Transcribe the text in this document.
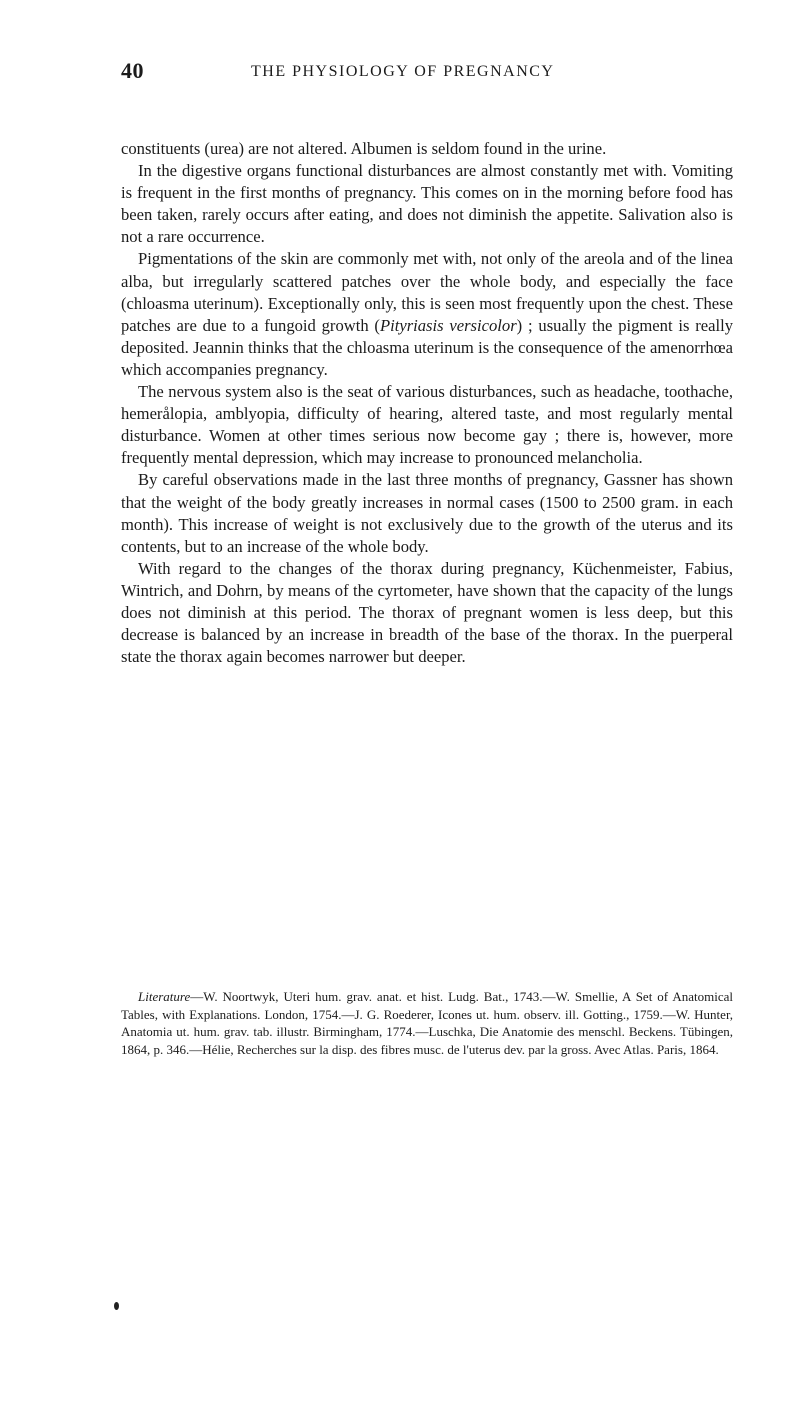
40	THE PHYSIOLOGY OF PREGNANCY

constituents (urea) are not altered. Albumen is seldom found in the urine.

In the digestive organs functional disturbances are almost constantly met with. Vomiting is frequent in the first months of pregnancy. This comes on in the morning before food has been taken, rarely occurs after eating, and does not diminish the appetite. Salivation also is not a rare occurrence.

Pigmentations of the skin are commonly met with, not only of the areola and of the linea alba, but irregularly scattered patches over the whole body, and especially the face (chloasma uterinum). Exceptionally only, this is seen most frequently upon the chest. These patches are due to a fungoid growth (Pityriasis versicolor) ; usually the pigment is really deposited. Jeannin thinks that the chloasma uterinum is the consequence of the amenorrhœa which accompanies pregnancy.

The nervous system also is the seat of various disturbances, such as headache, toothache, hemerålopia, amblyopia, difficulty of hearing, altered taste, and most regularly mental disturbance. Women at other times serious now become gay ; there is, however, more frequently mental depression, which may increase to pronounced melancholia.

By careful observations made in the last three months of pregnancy, Gassner has shown that the weight of the body greatly increases in normal cases (1500 to 2500 gram. in each month). This increase of weight is not exclusively due to the growth of the uterus and its contents, but to an increase of the whole body.

With regard to the changes of the thorax during pregnancy, Küchenmeister, Fabius, Wintrich, and Dohrn, by means of the cyrtometer, have shown that the capacity of the lungs does not diminish at this period. The thorax of pregnant women is less deep, but this decrease is balanced by an increase in breadth of the base of the thorax. In the puerperal state the thorax again becomes narrower but deeper.

Literature—W. Noortwyk, Uteri hum. grav. anat. et hist. Ludg. Bat., 1743.—W. Smellie, A Set of Anatomical Tables, with Explanations. London, 1754.—J. G. Roederer, Icones ut. hum. observ. ill. Gotting., 1759.—W. Hunter, Anatomia ut. hum. grav. tab. illustr. Birmingham, 1774.—Luschka, Die Anatomie des menschl. Beckens. Tübingen, 1864, p. 346.—Hélie, Recherches sur la disp. des fibres musc. de l'uterus dev. par la gross. Avec Atlas. Paris, 1864.
